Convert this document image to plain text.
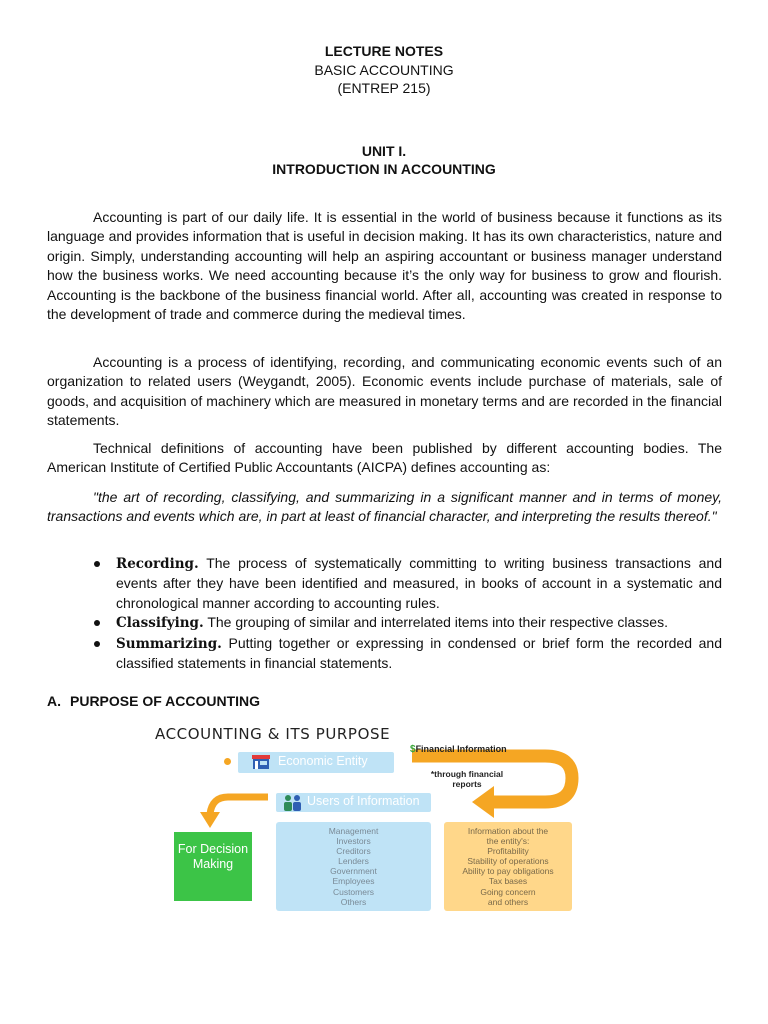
LECTURE NOTES
BASIC ACCOUNTING
(ENTREP 215)
UNIT I.
INTRODUCTION IN ACCOUNTING

Accounting is part of our daily life. It is essential in the world of business because it functions as its language and provides information that is useful in decision making. It has its own characteristics, nature and origin. Simply, understanding accounting will help an aspiring accountant or business manager understand how the business works. We need accounting because it’s the only way for business to grow and flourish. Accounting is the backbone of the business financial world. After all, accounting was created in response to the development of trade and commerce during the medieval times.

Accounting is a process of identifying, recording, and communicating economic events such of an organization to related users (Weygandt, 2005). Economic events include purchase of materials, sale of goods, and acquisition of machinery which are measured in monetary terms and are recorded in the financial statements.

Technical definitions of accounting have been published by different accounting bodies. The American Institute of Certified Public Accountants (AICPA) defines accounting as:

"the art of recording, classifying, and summarizing in a significant manner and in terms of money, transactions and events which are, in part at least of financial character, and interpreting the results thereof."

Recording. The process of systematically committing to writing business transactions and events after they have been identified and measured, in books of account in a systematic and chronological manner according to accounting rules.
Classifying. The grouping of similar and interrelated items into their respective classes.
Summarizing. Putting together or expressing in condensed or brief form the recorded and classified statements in financial statements.
A. PURPOSE OF ACCOUNTING
ACCOUNTING & ITS PURPOSE
Economic Entity
$Financial Information
*through financial reports
Users of Information
For Decision Making
Management
Investors
Creditors
Lenders
Government
Employees
Customers
Others
Information about the
the entity's:
Profitability
Stability of operations
Ability to pay obligations
Tax bases
Going concern
and others
